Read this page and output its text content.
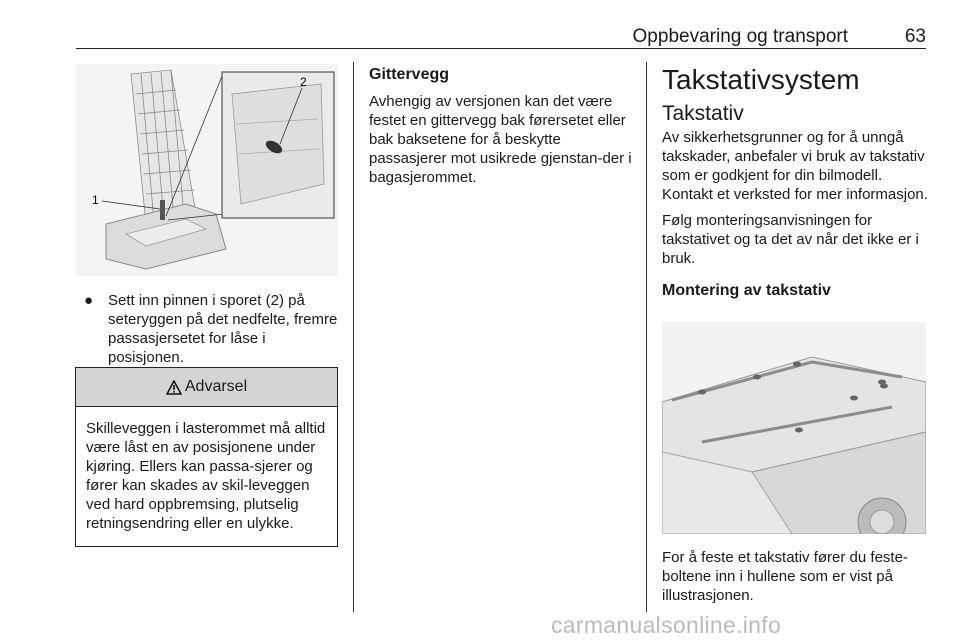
Oppbevaring og transport	63
1
2
● Sett inn pinnen i sporet (2) på seteryggen på det nedfelte, fremre passasjersetet for låse i posisjonen.
Advarsel
Skilleveggen i lasterommet må alltid være låst en av posisjonene under kjøring. Ellers kan passa-sjerer og fører kan skades av skil-leveggen ved hard oppbremsing, plutselig retningsendring eller en ulykke.
Gittervegg

Avhengig av versjonen kan det være festet en gittervegg bak førersetet eller bak baksetene for å beskytte passasjerer mot usikrede gjenstan-der i bagasjerommet.

Takstativsystem
Takstativ

Av sikkerhetsgrunner og for å unngå takskader, anbefaler vi bruk av takstativ som er godkjent for din bilmodell. Kontakt et verksted for mer informasjon.

Følg monteringsanvisningen for takstativet og ta det av når det ikke er i bruk.

Montering av takstativ

For å feste et takstativ fører du feste-boltene inn i hullene som er vist på illustrasjonen.

carmanualsonline.info
